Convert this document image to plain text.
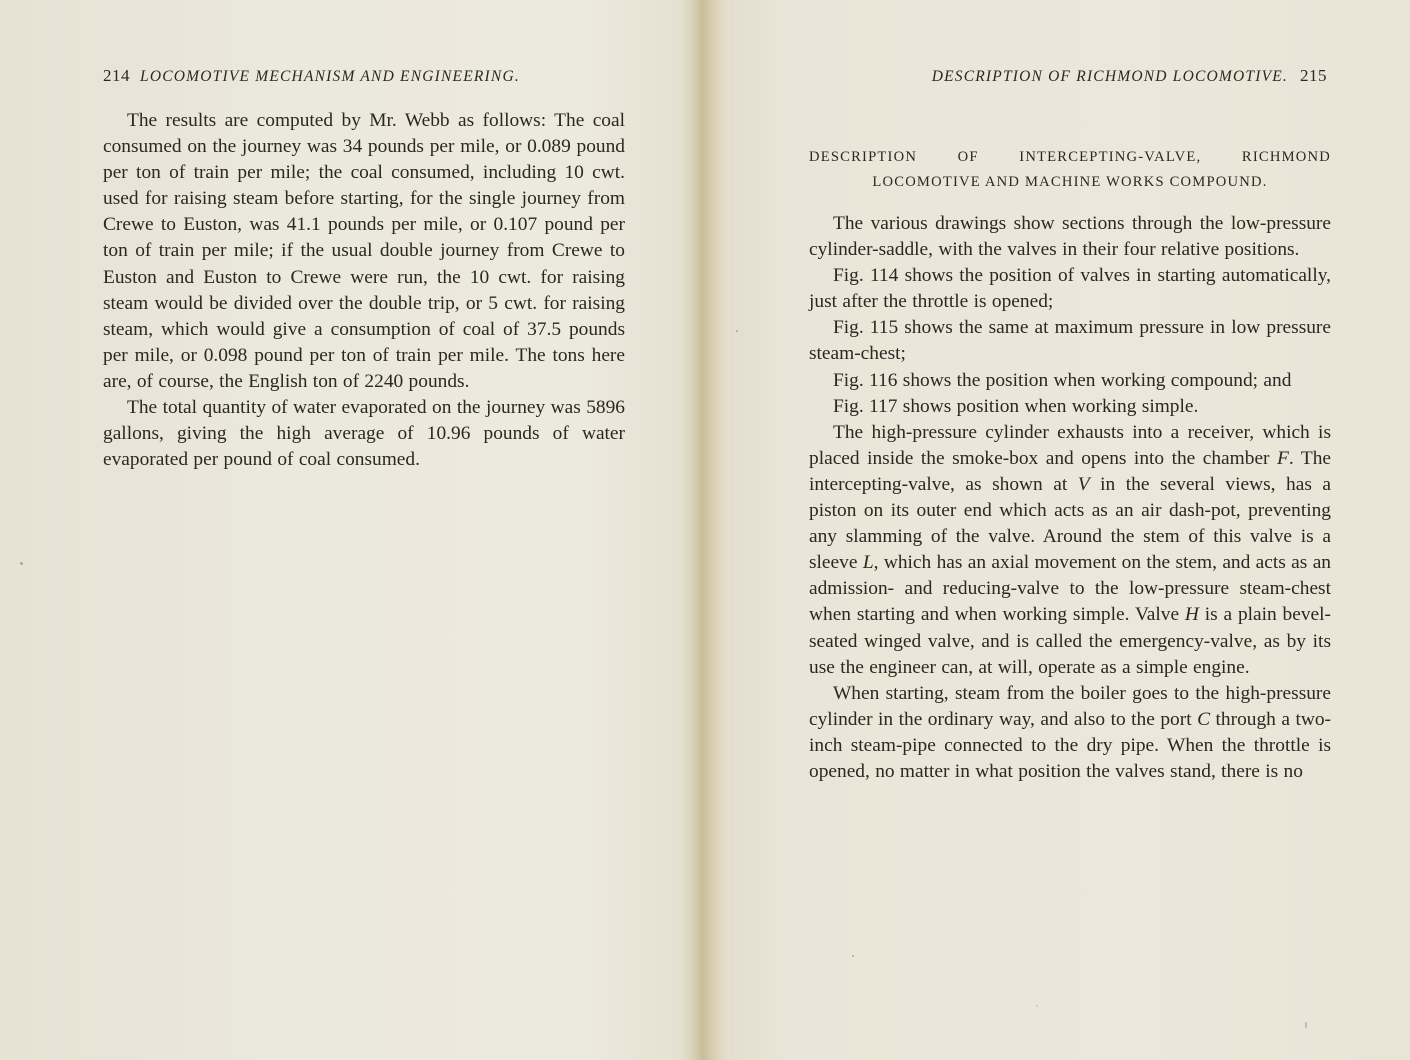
214 LOCOMOTIVE MECHANISM AND ENGINEERING.	DESCRIPTION OF RICHMOND LOCOMOTIVE. 215

The results are computed by Mr. Webb as follows: The coal consumed on the journey was 34 pounds per mile, or 0.089 pound per ton of train per mile; the coal consumed, including 10 cwt. used for raising steam before starting, for the single journey from Crewe to Euston, was 41.1 pounds per mile, or 0.107 pound per ton of train per mile; if the usual double journey from Crewe to Euston and Euston to Crewe were run, the 10 cwt. for raising steam would be divided over the double trip, or 5 cwt. for raising steam, which would give a consumption of coal of 37.5 pounds per mile, or 0.098 pound per ton of train per mile. The tons here are, of course, the English ton of 2240 pounds.

The total quantity of water evaporated on the journey was 5896 gallons, giving the high average of 10.96 pounds of water evaporated per pound of coal consumed.

DESCRIPTION OF INTERCEPTING-VALVE, RICHMOND
LOCOMOTIVE AND MACHINE WORKS COMPOUND.

The various drawings show sections through the low-pressure cylinder-saddle, with the valves in their four relative positions.

Fig. 114 shows the position of valves in starting automatically, just after the throttle is opened;

Fig. 115 shows the same at maximum pressure in low pressure steam-chest;

Fig. 116 shows the position when working compound; and

Fig. 117 shows position when working simple.

The high-pressure cylinder exhausts into a receiver, which is placed inside the smoke-box and opens into the chamber F. The intercepting-valve, as shown at V in the several views, has a piston on its outer end which acts as an air dash-pot, preventing any slamming of the valve. Around the stem of this valve is a sleeve L, which has an axial movement on the stem, and acts as an admission- and reducing-valve to the low-pressure steam-chest when starting and when working simple. Valve H is a plain bevel-seated winged valve, and is called the emergency-valve, as by its use the engineer can, at will, operate as a simple engine.

When starting, steam from the boiler goes to the high-pressure cylinder in the ordinary way, and also to the port C through a two-inch steam-pipe connected to the dry pipe. When the throttle is opened, no matter in what position the valves stand, there is no
